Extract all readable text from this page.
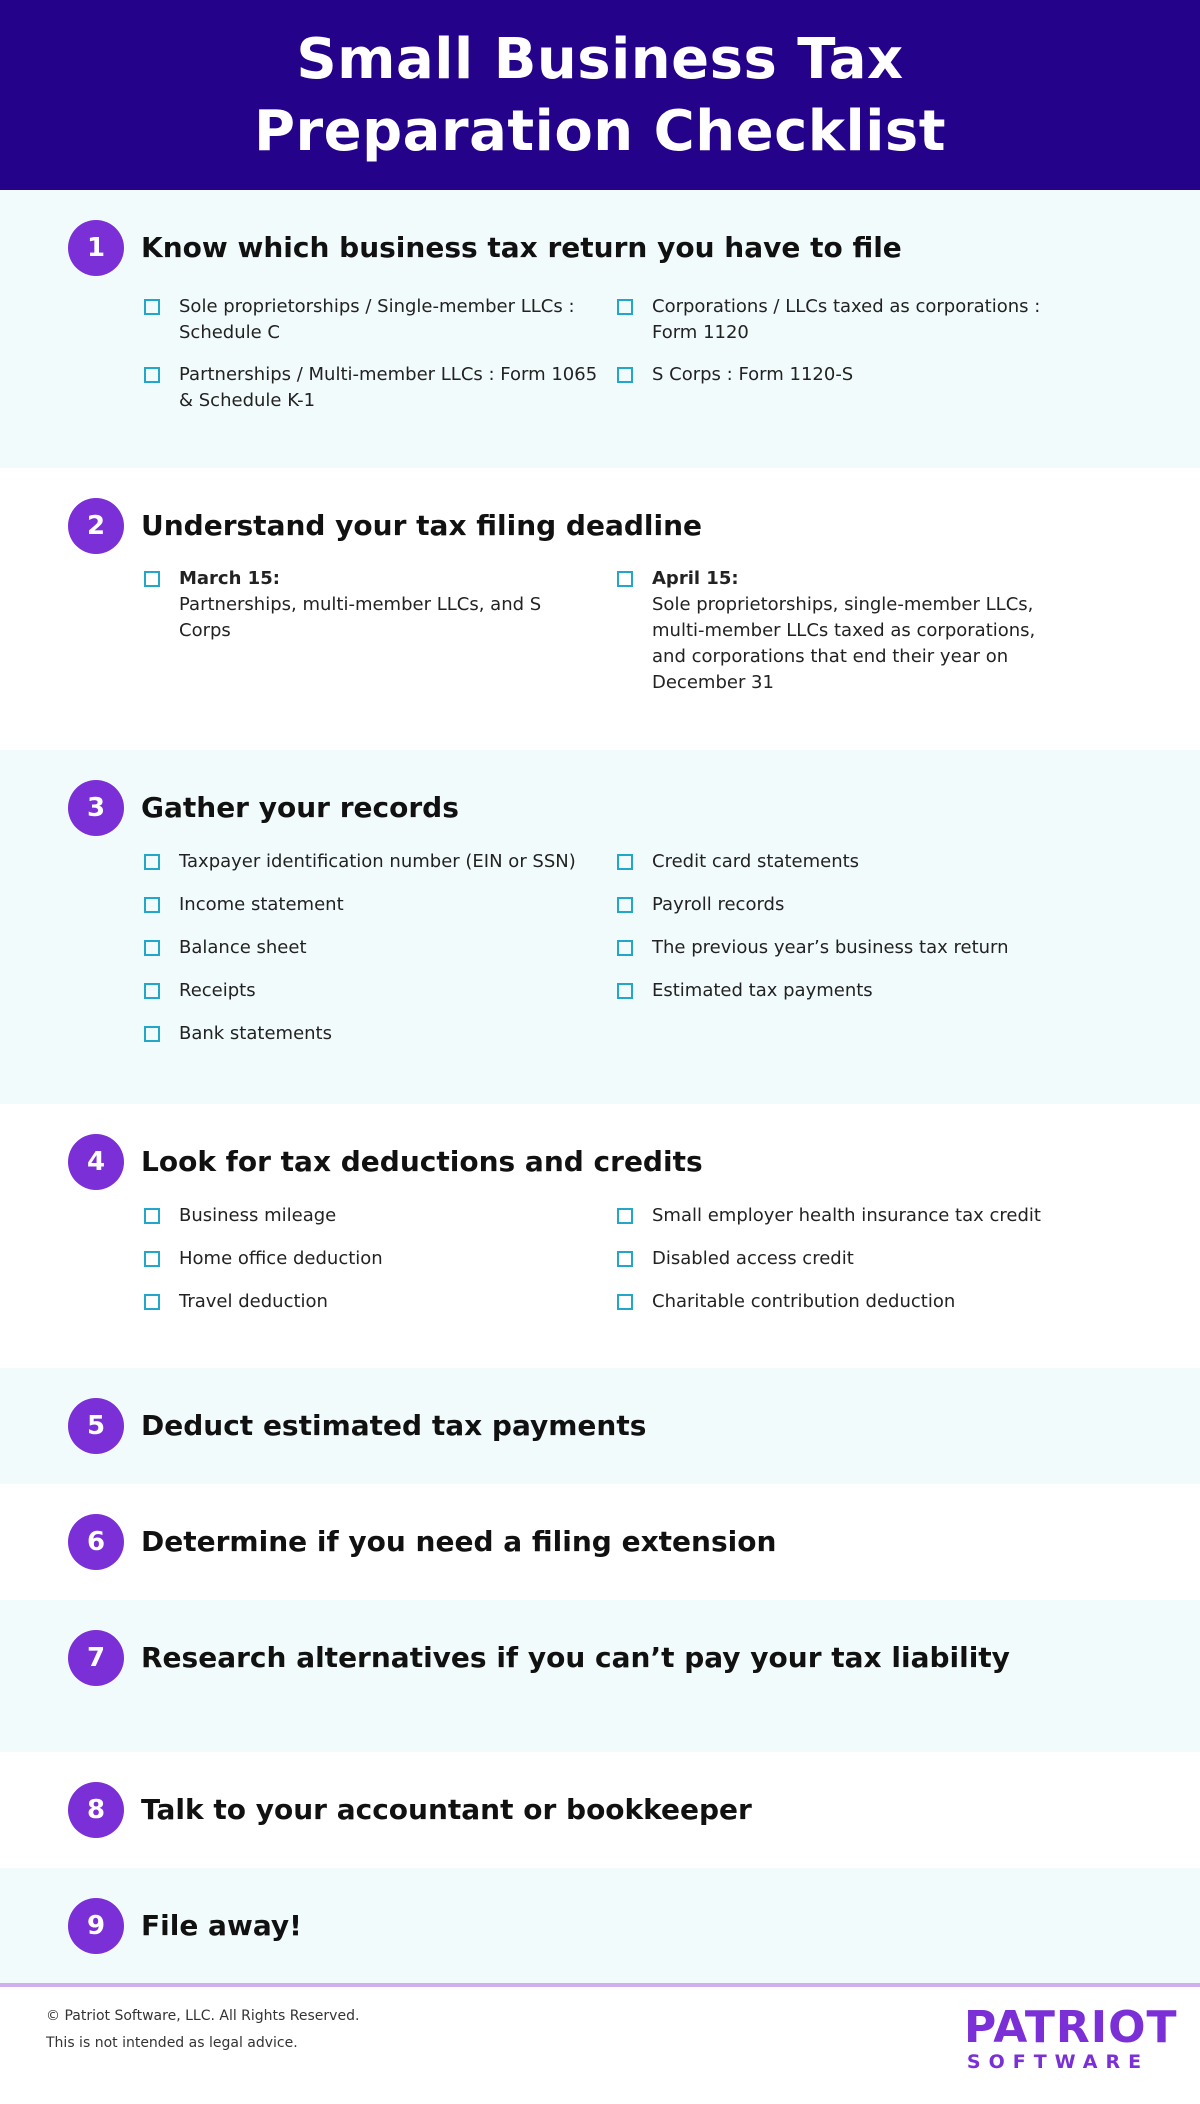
Small Business Tax
Preparation Checklist
1	Know which business tax return you have to file
Sole proprietorships / Single-member LLCs : Schedule C
Partnerships / Multi-member LLCs : Form 1065 & Schedule K-1
Corporations / LLCs taxed as corporations : Form 1120
S Corps : Form 1120-S
2	Understand your tax filing deadline
March 15:
Partnerships, multi-member LLCs, and S Corps
April 15:
Sole proprietorships, single-member LLCs, multi-member LLCs taxed as corporations, and corporations that end their year on December 31
3	Gather your records
Taxpayer identification number (EIN or SSN)
Income statement
Balance sheet
Receipts
Bank statements
Credit card statements
Payroll records
The previous year’s business tax return
Estimated tax payments
4	Look for tax deductions and credits
Business mileage
Home office deduction
Travel deduction
Small employer health insurance tax credit
Disabled access credit
Charitable contribution deduction
5	Deduct estimated tax payments
6	Determine if you need a filing extension
7	Research alternatives if you can’t pay your tax liability
8	Talk to your accountant or bookkeeper
9	File away!
© Patriot Software, LLC. All Rights Reserved.
This is not intended as legal advice.	PATRIOT
SOFTWARE
